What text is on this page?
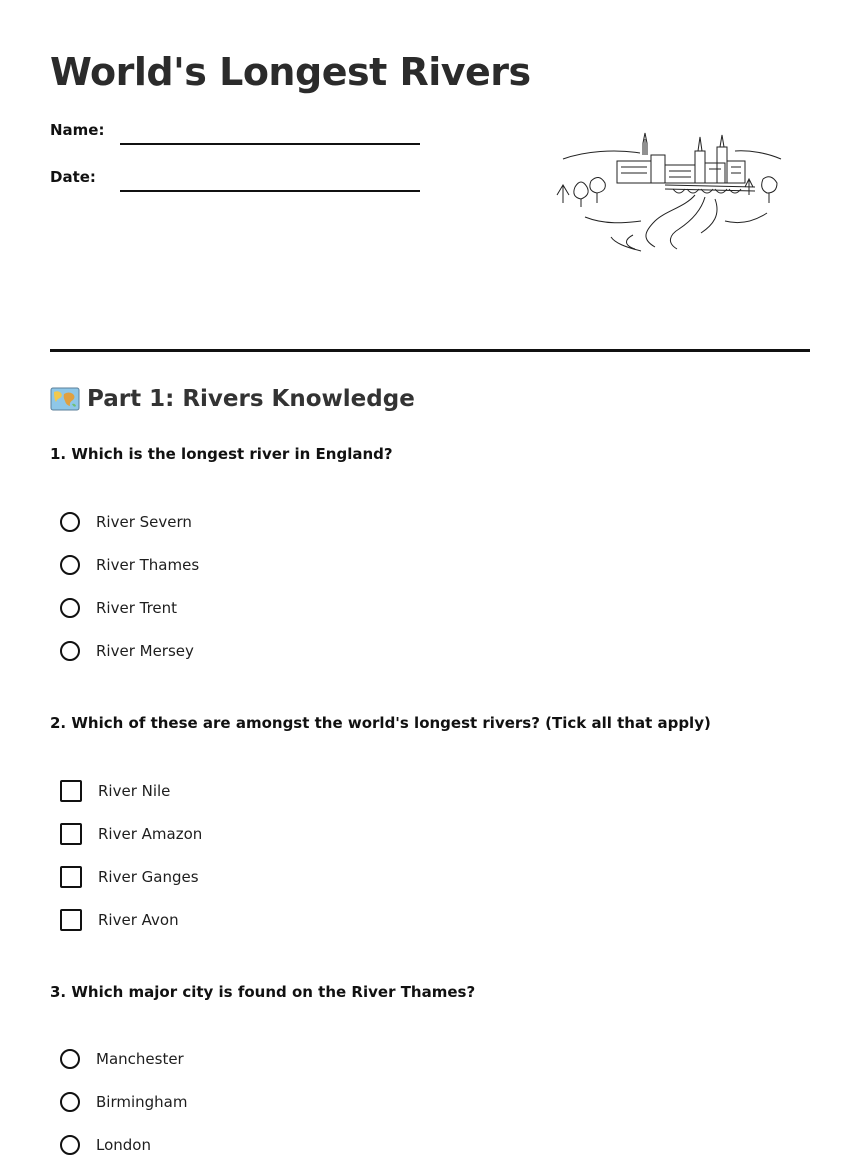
World's Longest Rivers
Name:
Date:
Part 1: Rivers Knowledge
1. Which is the longest river in England?
River Severn
River Thames
River Trent
River Mersey
2. Which of these are amongst the world's longest rivers? (Tick all that apply)
River Nile
River Amazon
River Ganges
River Avon
3. Which major city is found on the River Thames?
Manchester
Birmingham
London
